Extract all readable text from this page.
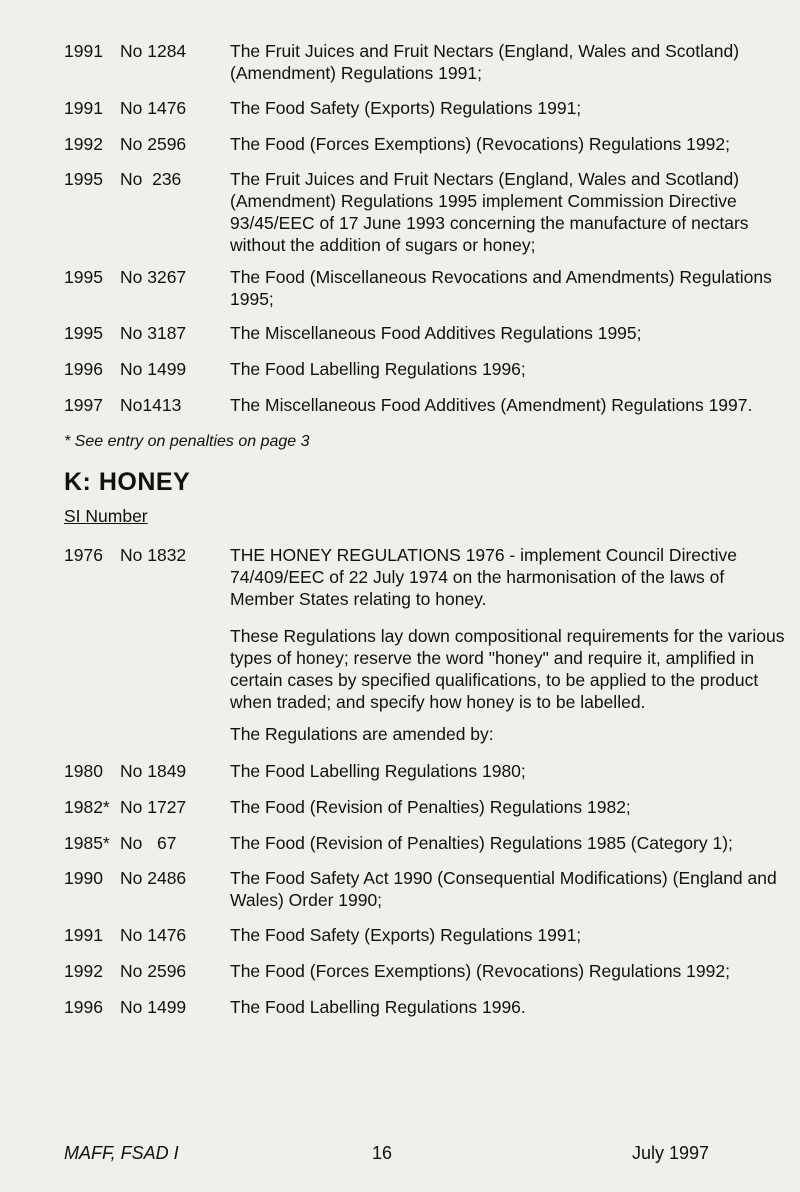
1991 No 1284	The Fruit Juices and Fruit Nectars (England, Wales and Scotland) (Amendment) Regulations 1991;
1991 No 1476	The Food Safety (Exports) Regulations 1991;
1992 No 2596	The Food (Forces Exemptions) (Revocations) Regulations 1992;
1995 No  236	The Fruit Juices and Fruit Nectars (England, Wales and Scotland) (Amendment) Regulations 1995 implement Commission Directive 93/45/EEC of 17 June 1993 concerning the manufacture of nectars without the addition of sugars or honey;
1995 No 3267	The Food (Miscellaneous Revocations and Amendments) Regulations 1995;
1995 No 3187	The Miscellaneous Food Additives Regulations 1995;
1996 No 1499	The Food Labelling Regulations 1996;
1997 No1413	The Miscellaneous Food Additives (Amendment) Regulations 1997.
* See entry on penalties on page 3
K: HONEY
SI Number
1976 No 1832	THE HONEY REGULATIONS 1976 - implement Council Directive 74/409/EEC of 22 July 1974 on the harmonisation of the laws of Member States relating to honey.
These Regulations lay down compositional requirements for the various types of honey; reserve the word "honey" and require it, amplified in certain cases by specified qualifications, to be applied to the product when traded; and specify how honey is to be labelled.
The Regulations are amended by:
1980 No 1849	The Food Labelling Regulations 1980;
1982* No 1727	The Food (Revision of Penalties) Regulations 1982;
1985* No   67	The Food (Revision of Penalties) Regulations 1985 (Category 1);
1990 No 2486	The Food Safety Act 1990 (Consequential Modifications) (England and Wales) Order 1990;
1991 No 1476	The Food Safety (Exports) Regulations 1991;
1992 No 2596	The Food (Forces Exemptions) (Revocations) Regulations 1992;
1996 No 1499	The Food Labelling Regulations 1996.
MAFF, FSAD I	16	July 1997
